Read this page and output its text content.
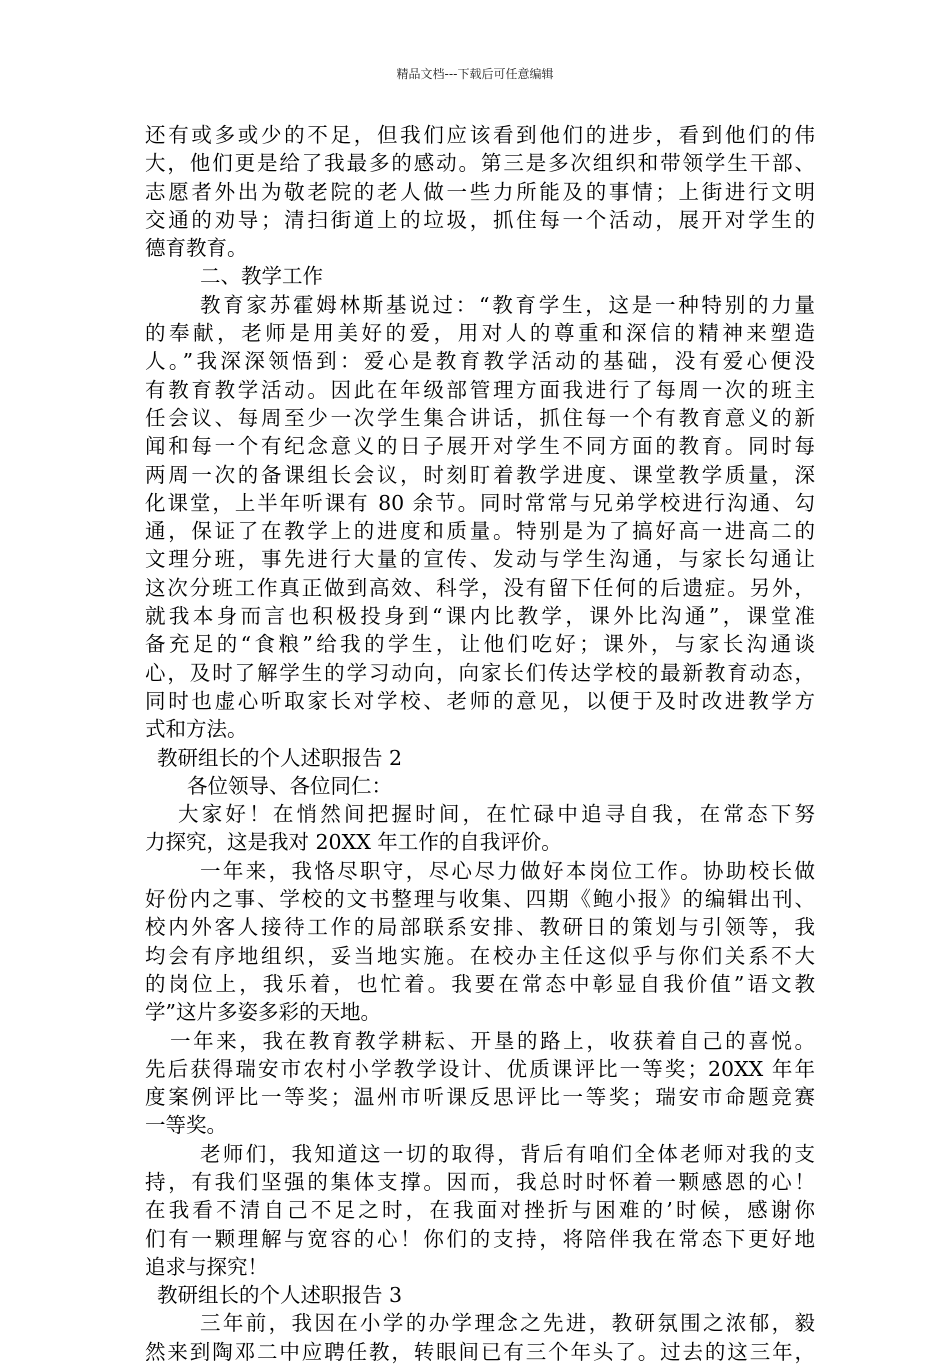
精品文档---下载后可任意编辑
还有或多或少的不足，但我们应该看到他们的进步，看到他们的伟
大，他们更是给了我最多的感动。第三是多次组织和带领学生干部、
志愿者外出为敬老院的老人做一些力所能及的事情；上街进行文明
交通的劝导；清扫街道上的垃圾，抓住每一个活动，展开对学生的
德育教育。
二、教学工作
教育家苏霍姆林斯基说过：“教育学生，这是一种特别的力量
的奉献，老师是用美好的爱，用对人的尊重和深信的精神来塑造
人。”我深深领悟到：爱心是教育教学活动的基础，没有爱心便没
有教育教学活动。因此在年级部管理方面我进行了每周一次的班主
任会议、每周至少一次学生集合讲话，抓住每一个有教育意义的新
闻和每一个有纪念意义的日子展开对学生不同方面的教育。同时每
两周一次的备课组长会议，时刻盯着教学进度、课堂教学质量，深
化课堂，上半年听课有 80 余节。同时常常与兄弟学校进行沟通、勾
通，保证了在教学上的进度和质量。特别是为了搞好高一进高二的
文理分班，事先进行大量的宣传、发动与学生沟通，与家长勾通让
这次分班工作真正做到高效、科学，没有留下任何的后遗症。另外，
就我本身而言也积极投身到“课内比教学，课外比沟通”，课堂准
备充足的“食粮”给我的学生，让他们吃好；课外，与家长沟通谈
心，及时了解学生的学习动向，向家长们传达学校的最新教育动态，
同时也虚心听取家长对学校、老师的意见，以便于及时改进教学方
式和方法。
教研组长的个人述职报告 2
各位领导、各位同仁：
大家好！在悄然间把握时间，在忙碌中追寻自我，在常态下努
力探究，这是我对 20XX 年工作的自我评价。
一年来，我恪尽职守，尽心尽力做好本岗位工作。协助校长做
好份内之事、学校的文书整理与收集、四期《鲍小报》的编辑出刊、
校内外客人接待工作的局部联系安排、教研日的策划与引领等，我
均会有序地组织，妥当地实施。在校办主任这似乎与你们关系不大
的岗位上，我乐着，也忙着。我要在常态中彰显自我价值”语文教
学”这片多姿多彩的天地。
一年来，我在教育教学耕耘、开垦的路上，收获着自己的喜悦。
先后获得瑞安市农村小学教学设计、优质课评比一等奖；20XX 年年
度案例评比一等奖；温州市听课反思评比一等奖；瑞安市命题竞赛
一等奖。
老师们，我知道这一切的取得，背后有咱们全体老师对我的支
持，有我们坚强的集体支撑。因而，我总时时怀着一颗感恩的心！
在我看不清自己不足之时，在我面对挫折与困难的’时候，感谢你
们有一颗理解与宽容的心！你们的支持，将陪伴我在常态下更好地
追求与探究！
教研组长的个人述职报告 3
三年前，我因在小学的办学理念之先进，教研氛围之浓郁，毅
然来到陶邓二中应聘任教，转眼间已有三个年头了。过去的这三年，
